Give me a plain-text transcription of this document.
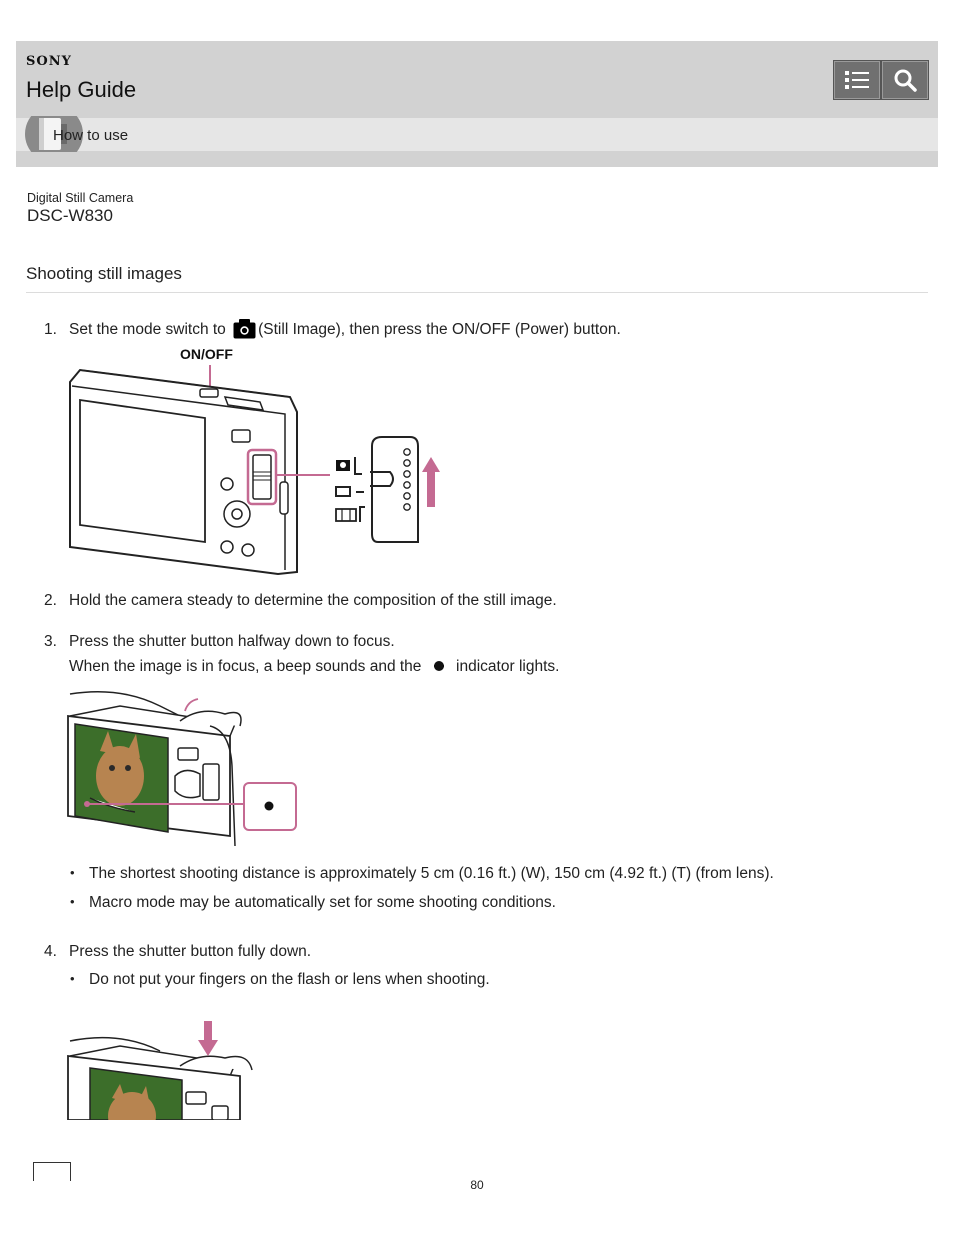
SONY
Help Guide
How to use
Digital Still Camera
DSC-W830
Shooting still images
1. Set the mode switch to (Still Image), then press the ON/OFF (Power) button.
ON/OFF
2. Hold the camera steady to determine the composition of the still image.
3. Press the shutter button halfway down to focus.
When the image is in focus, a beep sounds and the indicator lights.
• The shortest shooting distance is approximately 5 cm (0.16 ft.) (W), 150 cm (4.92 ft.) (T) (from lens).
• Macro mode may be automatically set for some shooting conditions.
4. Press the shutter button fully down.
• Do not put your fingers on the flash or lens when shooting.
80
